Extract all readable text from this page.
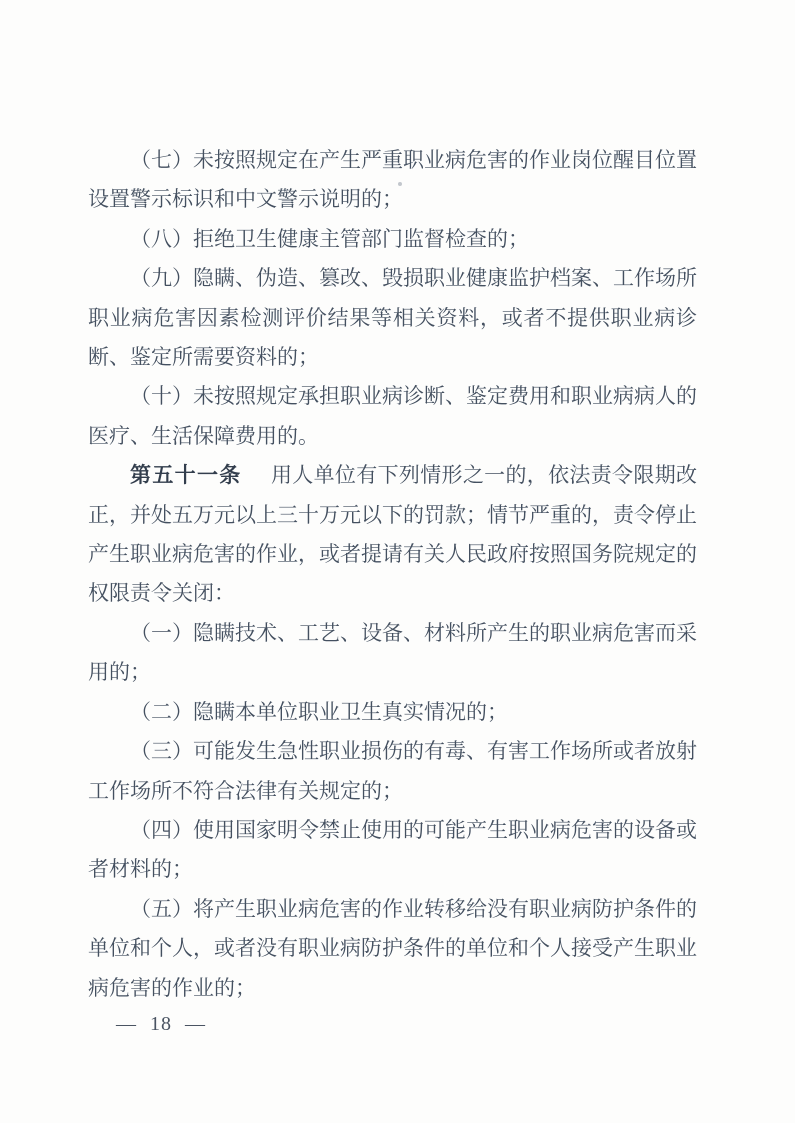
（七）未按照规定在产生严重职业病危害的作业岗位醒目位置设置警示标识和中文警示说明的；

（八）拒绝卫生健康主管部门监督检查的；

（九）隐瞒、伪造、篡改、毁损职业健康监护档案、工作场所职业病危害因素检测评价结果等相关资料，或者不提供职业病诊断、鉴定所需要资料的；

（十）未按照规定承担职业病诊断、鉴定费用和职业病病人的医疗、生活保障费用的。

第五十一条 用人单位有下列情形之一的，依法责令限期改正，并处五万元以上三十万元以下的罚款；情节严重的，责令停止产生职业病危害的作业，或者提请有关人民政府按照国务院规定的权限责令关闭：

（一）隐瞒技术、工艺、设备、材料所产生的职业病危害而采用的；

（二）隐瞒本单位职业卫生真实情况的；

（三）可能发生急性职业损伤的有毒、有害工作场所或者放射工作场所不符合法律有关规定的；

（四）使用国家明令禁止使用的可能产生职业病危害的设备或者材料的；

（五）将产生职业病危害的作业转移给没有职业病防护条件的单位和个人，或者没有职业病防护条件的单位和个人接受产生职业病危害的作业的；

— 18 —
